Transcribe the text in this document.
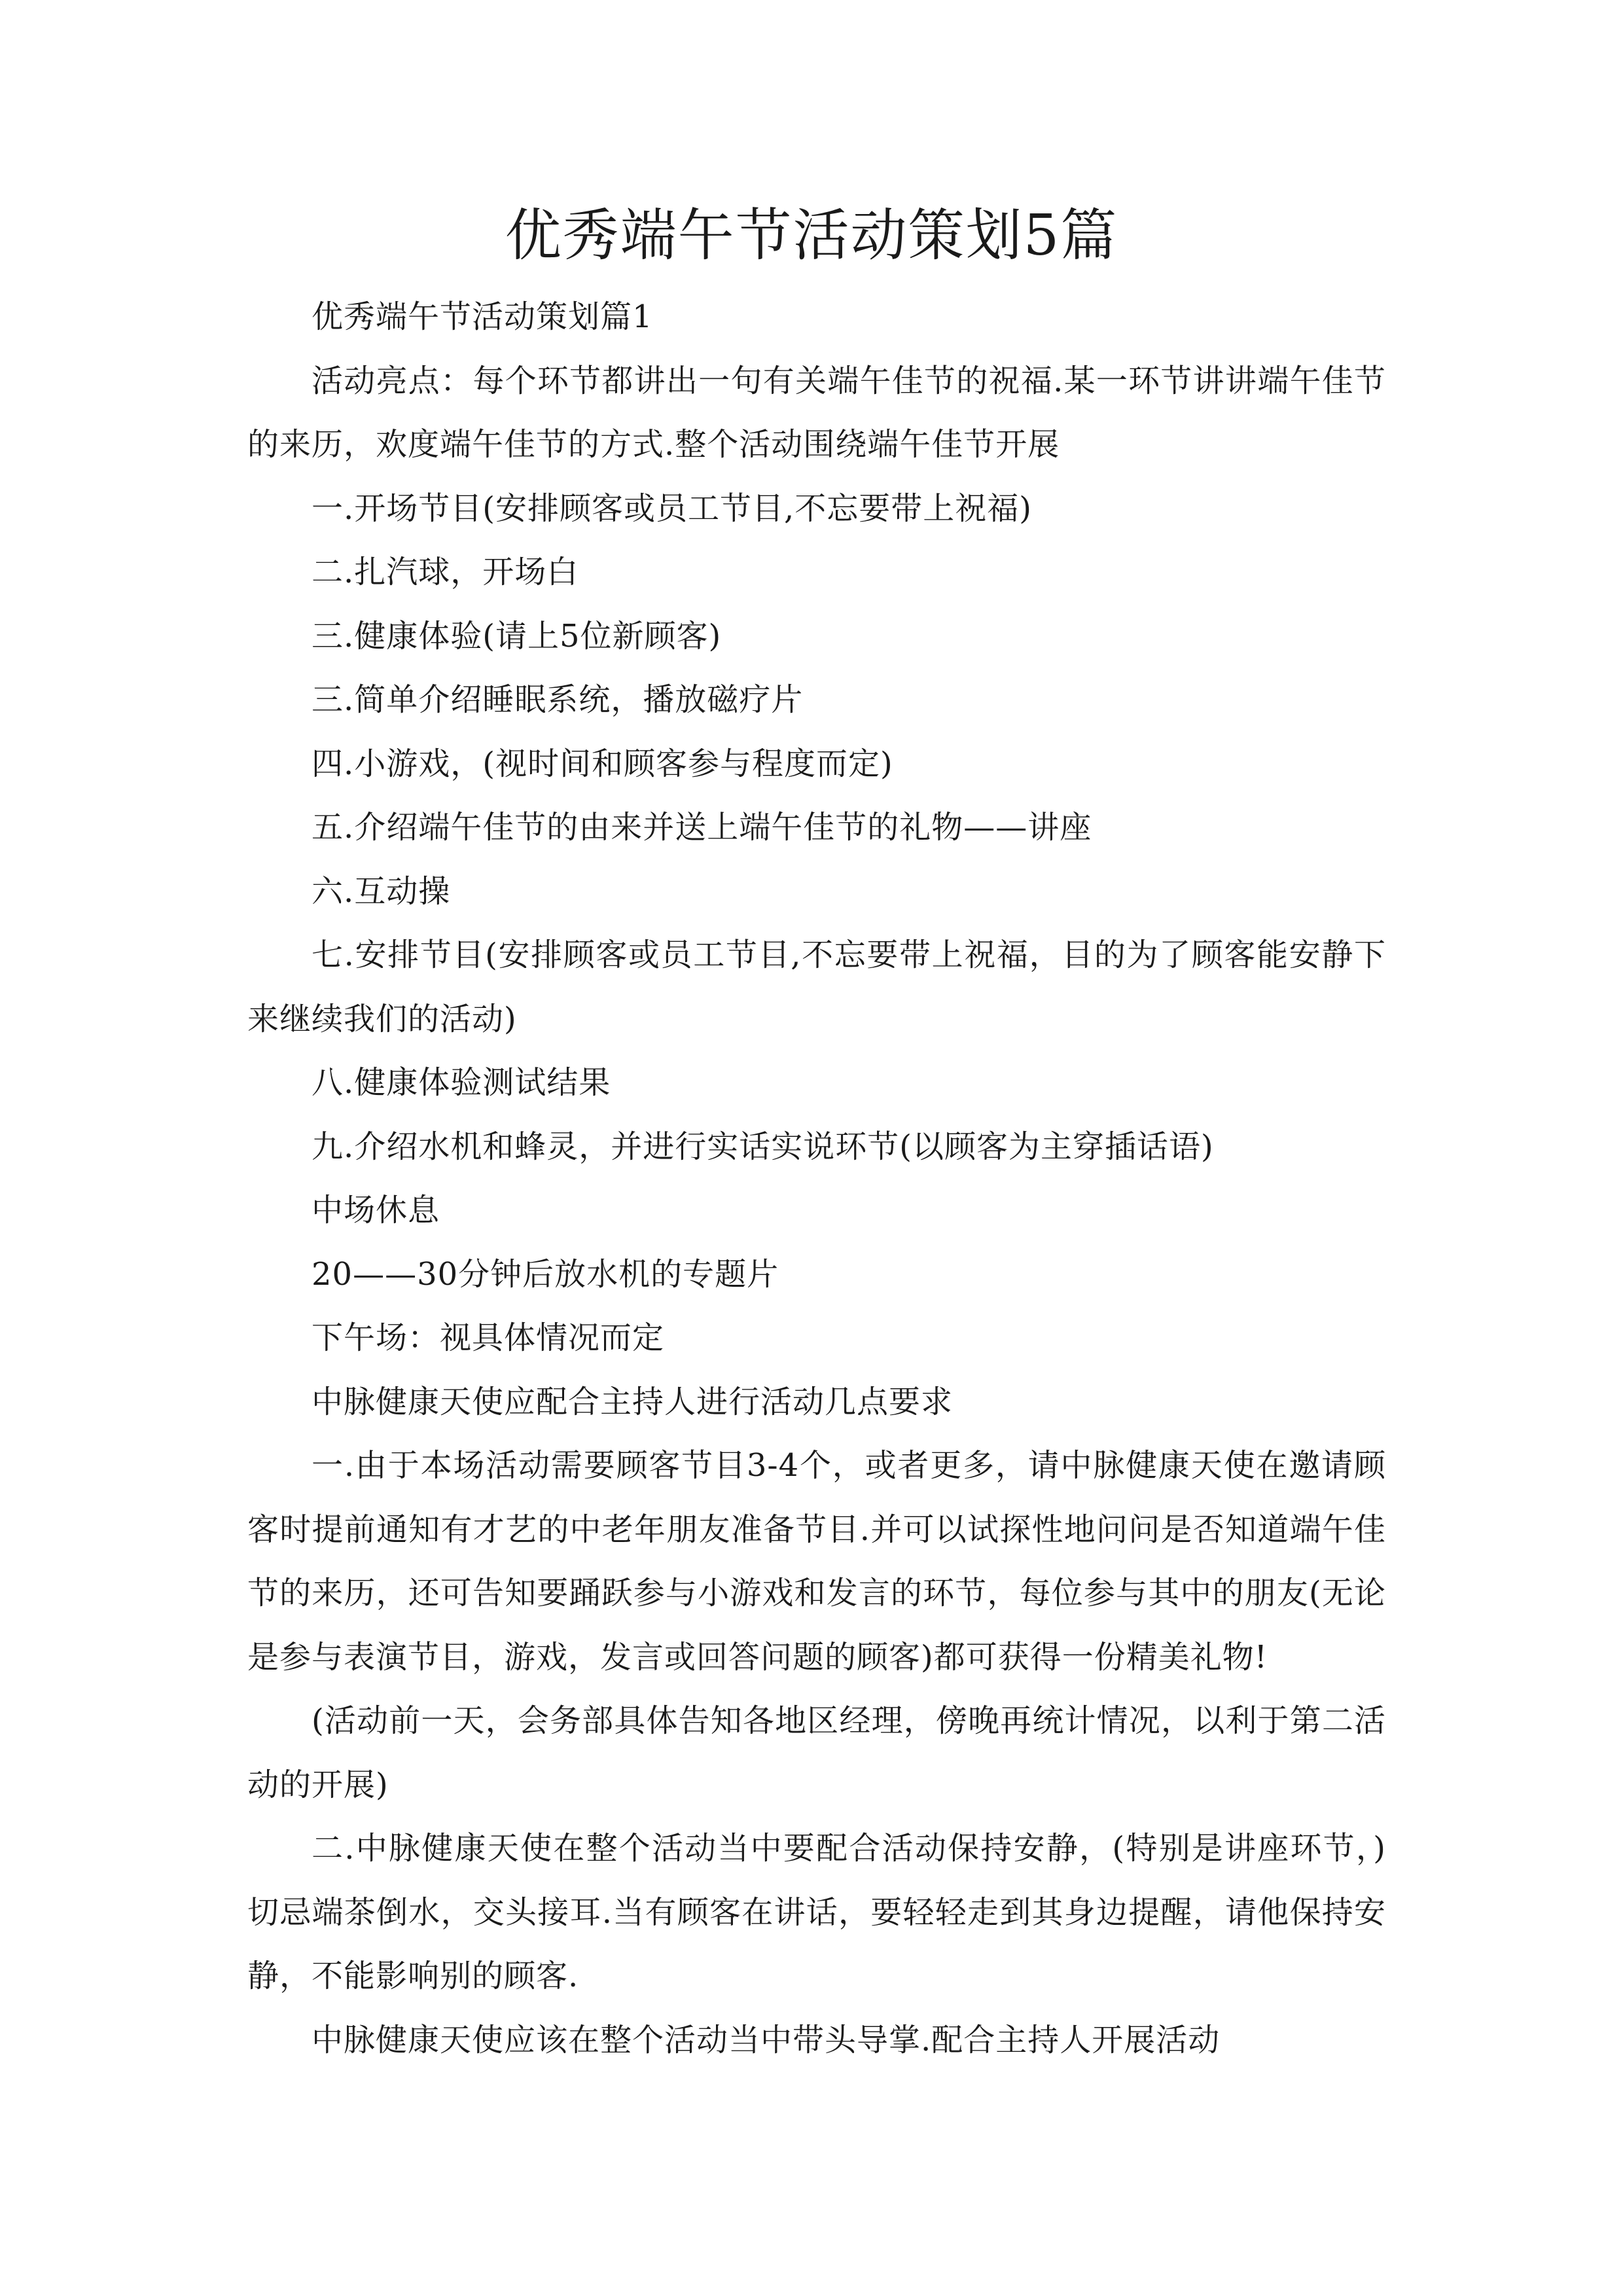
优秀端午节活动策划5篇

优秀端午节活动策划篇1

活动亮点：每个环节都讲出一句有关端午佳节的祝福.某一环节讲讲端午佳节的来历，欢度端午佳节的方式.整个活动围绕端午佳节开展

一.开场节目(安排顾客或员工节目,不忘要带上祝福)

二.扎汽球，开场白

三.健康体验(请上5位新顾客)

三.简单介绍睡眠系统，播放磁疗片

四.小游戏，(视时间和顾客参与程度而定)

五.介绍端午佳节的由来并送上端午佳节的礼物——讲座

六.互动操

七.安排节目(安排顾客或员工节目,不忘要带上祝福，目的为了顾客能安静下来继续我们的活动)

八.健康体验测试结果

九.介绍水机和蜂灵，并进行实话实说环节(以顾客为主穿插话语)

中场休息

20——30分钟后放水机的专题片

下午场：视具体情况而定

中脉健康天使应配合主持人进行活动几点要求

一.由于本场活动需要顾客节目3-4个，或者更多，请中脉健康天使在邀请顾客时提前通知有才艺的中老年朋友准备节目.并可以试探性地问问是否知道端午佳节的来历，还可告知要踊跃参与小游戏和发言的环节，每位参与其中的朋友(无论是参与表演节目，游戏，发言或回答问题的顾客)都可获得一份精美礼物!

(活动前一天，会务部具体告知各地区经理，傍晚再统计情况，以利于第二活动的开展)

二.中脉健康天使在整个活动当中要配合活动保持安静，(特别是讲座环节，)切忌端茶倒水，交头接耳.当有顾客在讲话，要轻轻走到其身边提醒，请他保持安静，不能影响别的顾客.

中脉健康天使应该在整个活动当中带头导掌.配合主持人开展活动
